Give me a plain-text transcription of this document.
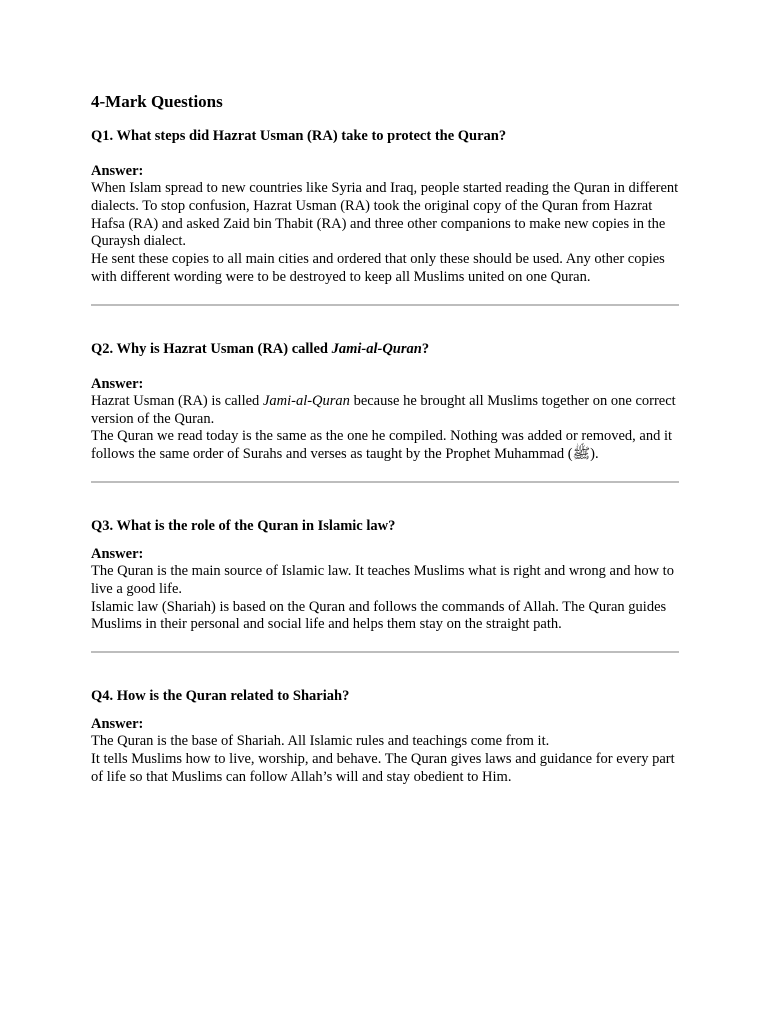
4-Mark Questions

Q1. What steps did Hazrat Usman (RA) take to protect the Quran?

Answer:

When Islam spread to new countries like Syria and Iraq, people started reading the Quran in different dialects. To stop confusion, Hazrat Usman (RA) took the original copy of the Quran from Hazrat Hafsa (RA) and asked Zaid bin Thabit (RA) and three other companions to make new copies in the Quraysh dialect.

He sent these copies to all main cities and ordered that only these should be used. Any other copies with different wording were to be destroyed to keep all Muslims united on one Quran.

Q2. Why is Hazrat Usman (RA) called Jami-al-Quran?

Answer:

Hazrat Usman (RA) is called Jami-al-Quran because he brought all Muslims together on one correct version of the Quran.

The Quran we read today is the same as the one he compiled. Nothing was added or removed, and it follows the same order of Surahs and verses as taught by the Prophet Muhammad (ﷺ).

Q3. What is the role of the Quran in Islamic law?

Answer:

The Quran is the main source of Islamic law. It teaches Muslims what is right and wrong and how to live a good life.

Islamic law (Shariah) is based on the Quran and follows the commands of Allah. The Quran guides Muslims in their personal and social life and helps them stay on the straight path.

Q4. How is the Quran related to Shariah?

Answer:

The Quran is the base of Shariah. All Islamic rules and teachings come from it.

It tells Muslims how to live, worship, and behave. The Quran gives laws and guidance for every part of life so that Muslims can follow Allah’s will and stay obedient to Him.
